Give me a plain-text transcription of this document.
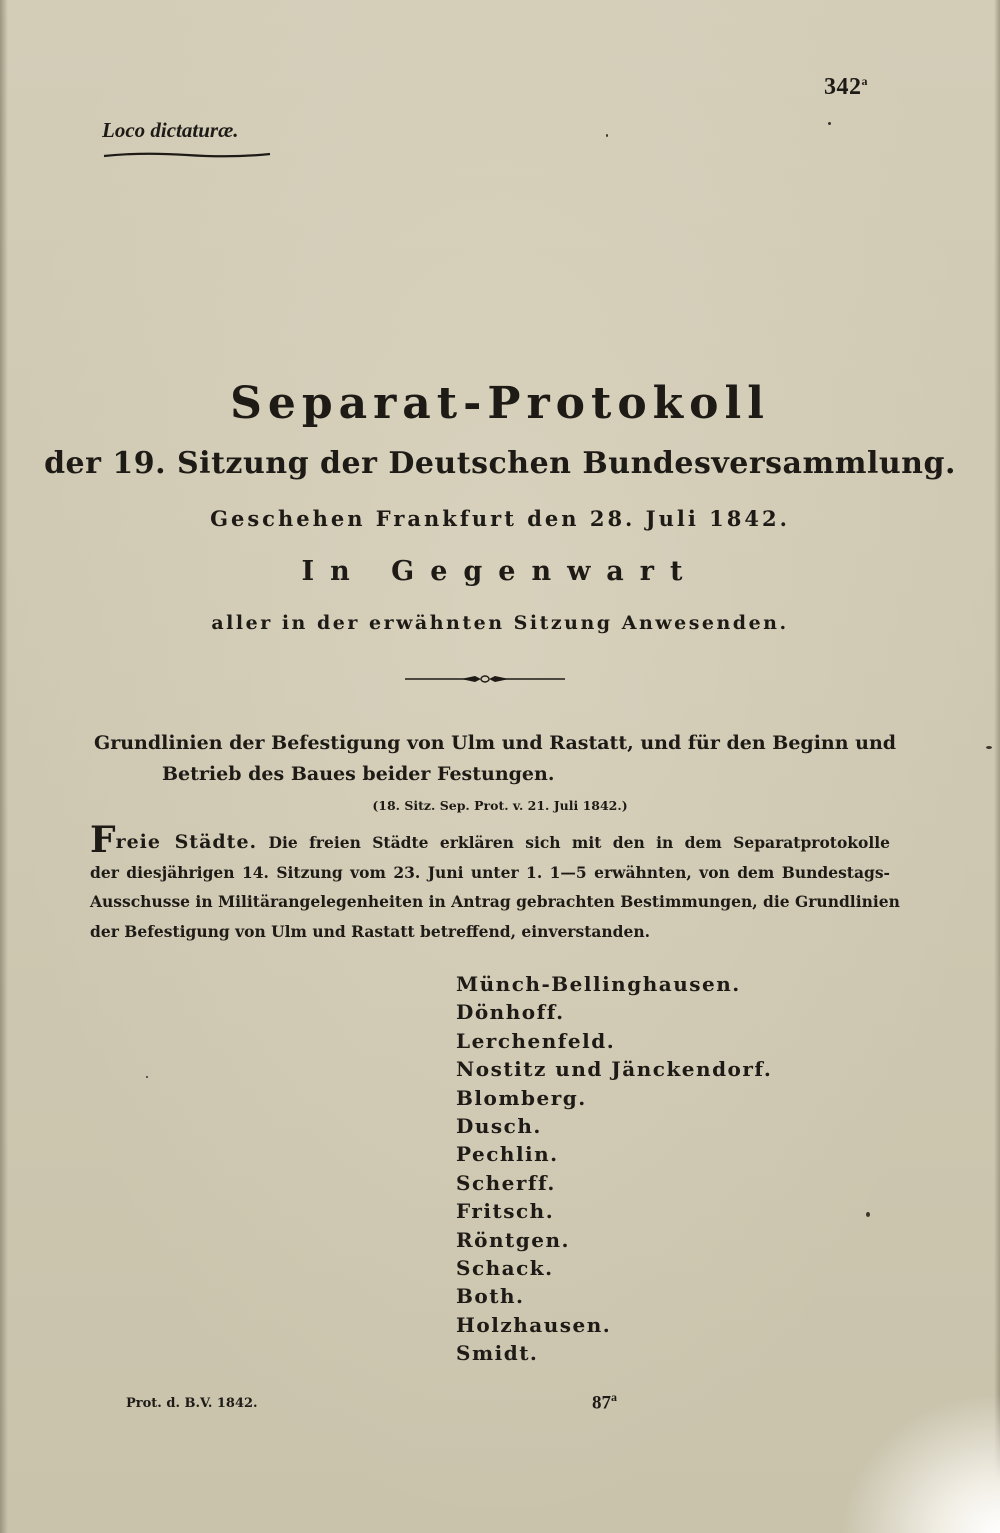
342$^a$
Loco dictaturæ.
Separat-Protokoll
der 19. Sitzung der Deutschen Bundesversammlung.
Geschehen Frankfurt den 28. Juli 1842.
In Gegenwart
aller in der erwähnten Sitzung Anwesenden.
Grundlinien der Befestigung von Ulm und Rastatt, und für den Beginn und
Betrieb des Baues beider Festungen.
(18. Sitz. Sep. Prot. v. 21. Juli 1842.)
Freie Städte. Die freien Städte erklären sich mit den in dem Separatprotokolle
der diesjährigen 14. Sitzung vom 23. Juni unter 1. 1—5 erwähnten, von dem Bundestags-
Ausschusse in Militärangelegenheiten in Antrag gebrachten Bestimmungen, die Grundlinien
der Befestigung von Ulm und Rastatt betreffend, einverstanden.
Münch-Bellinghausen.
Dönhoff.
Lerchenfeld.
Nostitz und Jänckendorf.
Blomberg.
Dusch.
Pechlin.
Scherff.
Fritsch.
Röntgen.
Schack.
Both.
Holzhausen.
Smidt.
Prot. d. B.V. 1842.	87$^a$
